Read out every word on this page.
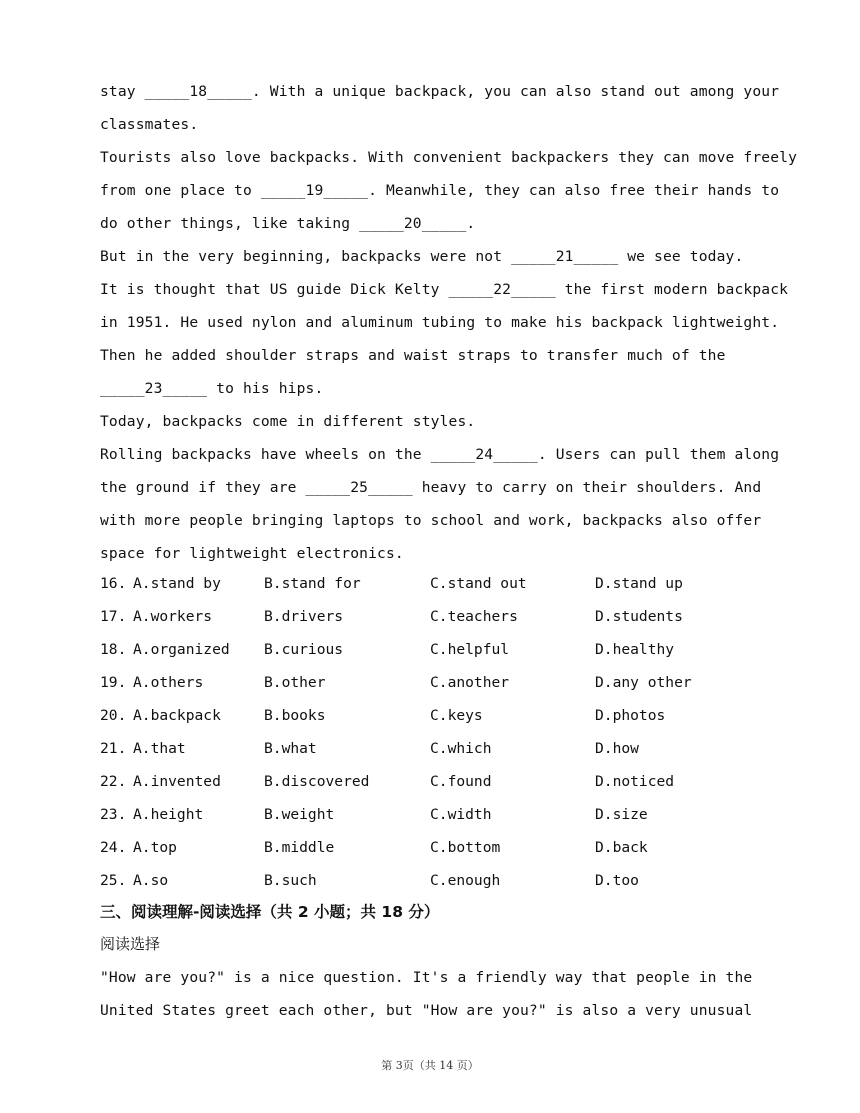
stay _____18_____. With a unique backpack, you can also stand out among your
classmates.
Tourists also love backpacks. With convenient backpackers they can move freely
from one place to _____19_____. Meanwhile, they can also free their hands to
do other things, like taking _____20_____.
But in the very beginning, backpacks were not _____21_____ we see today.
It is thought that US guide Dick Kelty _____22_____ the first modern backpack
in 1951. He used nylon and aluminum tubing to make his backpack lightweight.
Then he added shoulder straps and waist straps to transfer much of the
_____23_____ to his hips.
Today, backpacks come in different styles.
Rolling backpacks have wheels on the _____24_____. Users can pull them along
the ground if they are _____25_____ heavy to carry on their shoulders. And
with more people bringing laptops to school and work, backpacks also offer
space for lightweight electronics.
16. A.stand by	B.stand for	C.stand out	D.stand up
17. A.workers	B.drivers	C.teachers	D.students
18. A.organized B.curious	C.helpful	D.healthy
19. A.others	B.other	C.another	D.any other
20. A.backpack	B.books	C.keys	D.photos
21. A.that	B.what	C.which	D.how
22. A.invented	B.discovered	C.found	D.noticed
23. A.height	B.weight	C.width	D.size
24. A.top	B.middle	C.bottom	D.back
25. A.so	B.such	C.enough	D.too
三、阅读理解-阅读选择（共 2 小题；共 18 分）
阅读选择
"How are you?" is a nice question. It's a friendly way that people in the
United States greet each other, but "How are you?" is also a very unusual
第 3页（共 14 页）
